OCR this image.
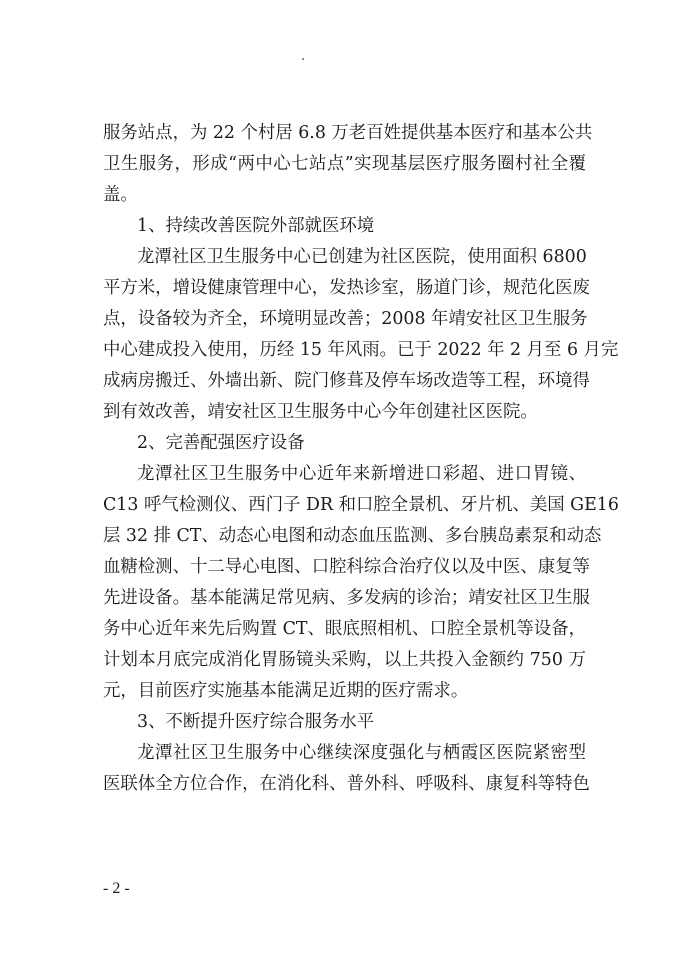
服务站点，为 22 个村居 6.8 万老百姓提供基本医疗和基本公共
卫生服务，形成“两中心七站点”实现基层医疗服务圈村社全覆
盖。
1、持续改善医院外部就医环境
龙潭社区卫生服务中心已创建为社区医院，使用面积 6800
平方米，增设健康管理中心，发热诊室，肠道门诊，规范化医废
点，设备较为齐全，环境明显改善；2008 年靖安社区卫生服务
中心建成投入使用，历经 15 年风雨。已于 2022 年 2 月至 6 月完
成病房搬迁、外墙出新、院门修葺及停车场改造等工程，环境得
到有效改善，靖安社区卫生服务中心今年创建社区医院。
2、完善配强医疗设备
龙潭社区卫生服务中心近年来新增进口彩超、进口胃镜、
C13 呼气检测仪、西门子 DR 和口腔全景机、牙片机、美国 GE16
层 32 排 CT、动态心电图和动态血压监测、多台胰岛素泵和动态
血糖检测、十二导心电图、口腔科综合治疗仪以及中医、康复等
先进设备。基本能满足常见病、多发病的诊治；靖安社区卫生服
务中心近年来先后购置 CT、眼底照相机、口腔全景机等设备，
计划本月底完成消化胃肠镜头采购，以上共投入金额约 750 万
元，目前医疗实施基本能满足近期的医疗需求。
3、不断提升医疗综合服务水平
龙潭社区卫生服务中心继续深度强化与栖霞区医院紧密型
医联体全方位合作，在消化科、普外科、呼吸科、康复科等特色
- 2 -
